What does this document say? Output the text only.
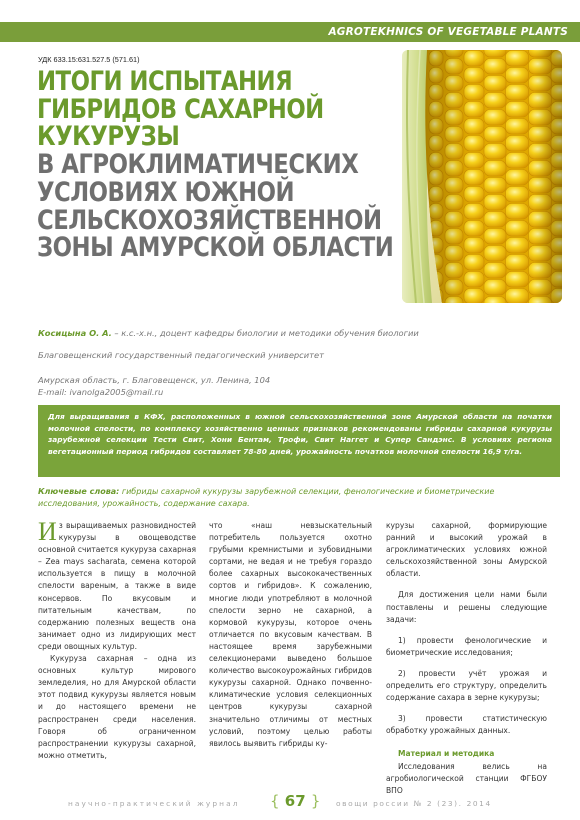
AGROTEKHNICS OF VEGETABLE PLANTS
УДК 633.15:631.527.5 (571.61)
ИТОГИ ИСПЫТАНИЯ
ГИБРИДОВ САХАРНОЙ
КУКУРУЗЫ
В АГРОКЛИМАТИЧЕСКИХ
УСЛОВИЯХ ЮЖНОЙ
СЕЛЬСКОХОЗЯЙСТВЕННОЙ
ЗОНЫ АМУРСКОЙ ОБЛАСТИ
Косицына О. А. – к.с.-х.н., доцент кафедры биологии и методики обучения биологии
Благовещенский государственный педагогический университет
Амурская область, г. Благовещенск, ул. Ленина, 104
E-mail: ivanolga2005@mail.ru
Для выращивания в КФХ, расположенных в южной сельскохозяйственной зоне Амурской области на початки молочной спелости, по комплексу хозяйственно ценных признаков рекомендованы гибриды сахарной кукурузы зарубежной селекции Тести Свит, Хони Бентам, Трофи, Свит Наггет и Супер Сандэнс. В условиях региона вегетационный период гибридов составляет 78-80 дней, урожайность початков молочной спелости 16,9 т/га.
Ключевые слова: гибриды сахарной кукурузы зарубежной селекции, фенологические и биометрические исследования, урожайность, содержание сахара.

Из выращиваемых разновидностей кукурузы в овощеводстве основной считается кукуруза сахарная – Zea mays sacharata, семена которой используется в пищу в молочной спелости вареным, а также в виде консервов. По вкусовым и питательным качествам, по содержанию полезных веществ она занимает одно из лидирующих мест среди овощных культур.

Кукуруза сахарная – одна из основных культур мирового земледелия, но для Амурской области этот подвид кукурузы является новым и до настоящего времени не распространен среди населения. Говоря об ограниченном распространении кукурузы сахарной, можно отметить,

что «наш невзыскательный потребитель пользуется охотно грубыми кремнистыми и зубовидными сортами, не ведая и не требуя гораздо более сахарных высококачественных сортов и гибридов». К сожалению, многие люди употребляют в молочной спелости зерно не сахарной, а кормовой кукурузы, которое очень отличается по вкусовым качествам. В настоящее время зарубежными селекционерами выведено большое количество высокоурожайных гибридов кукурузы сахарной. Однако почвенно-климатические условия селекционных центров кукурузы сахарной значительно отличимы от местных условий, поэтому целью работы явилось выявить гибриды ку-

курузы сахарной, формирующие ранний и высокий урожай в агроклиматических условиях южной сельскохозяйственной зоны Амурской области.

Для достижения цели нами были поставлены и решены следующие задачи:

1) провести фенологические и биометрические исследования;

2) провести учёт урожая и определить его структуру, определить содержание сахара в зерне кукурузы;

3) провести статистическую обработку урожайных данных.

Материал и методика

Исследования велись на агробиологической станции ФГБОУ ВПО

научно-практический журнал { 67 } овощи россии № 2 (23). 2014
